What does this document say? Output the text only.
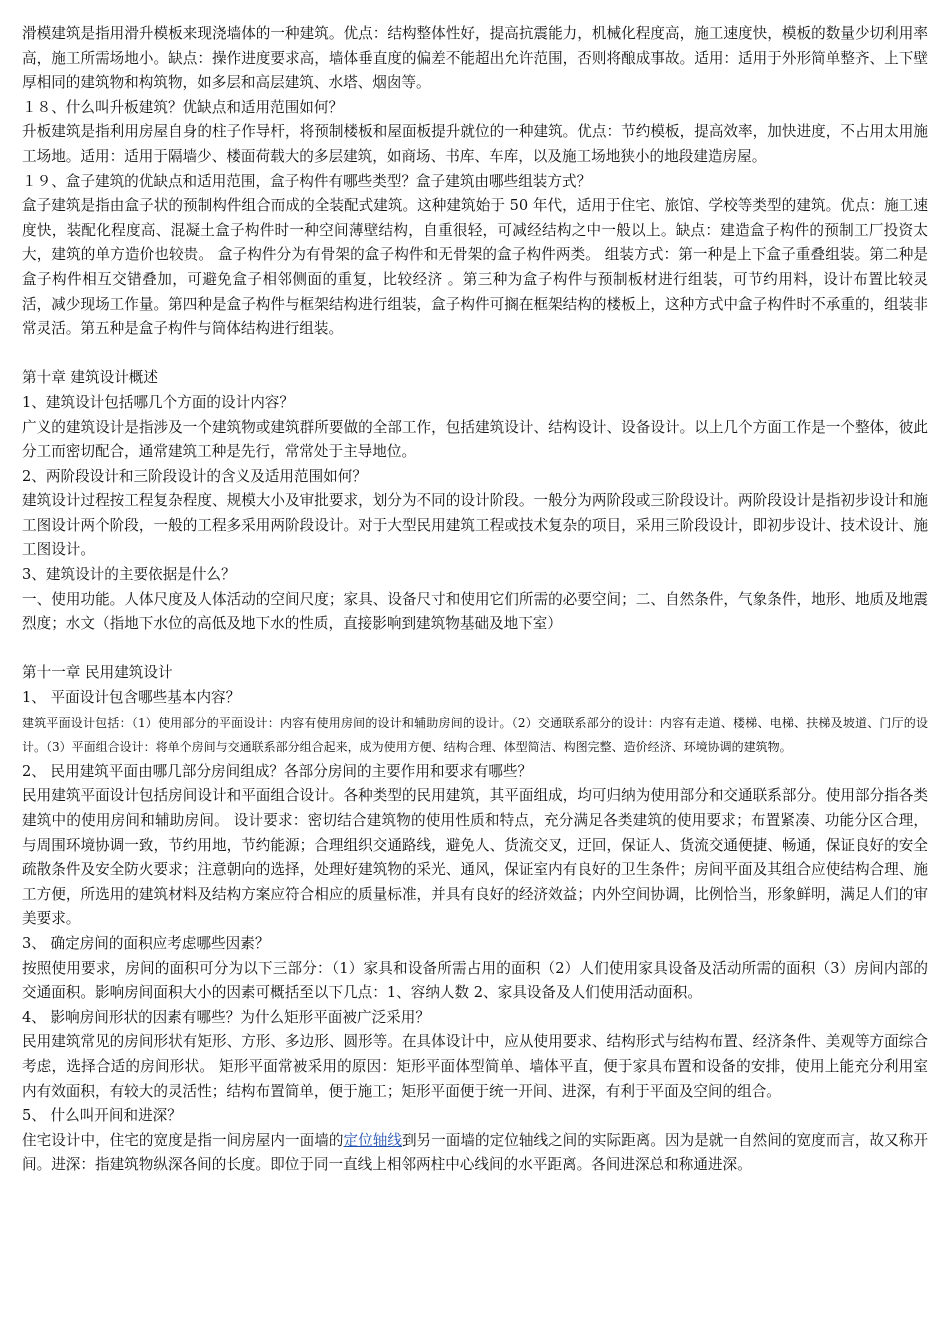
滑模建筑是指用滑升模板来现浇墙体的一种建筑。优点：结构整体性好，提高抗震能力，机械化程度高，施工速度快，模板的数量少切利用率高，施工所需场地小。缺点：操作进度要求高，墙体垂直度的偏差不能超出允许范围，否则将酿成事故。适用：适用于外形简单整齐、上下壁厚相同的建筑物和构筑物，如多层和高层建筑、水塔、烟囱等。

１８、什么叫升板建筑？优缺点和适用范围如何？

升板建筑是指利用房屋自身的柱子作导杆，将预制楼板和屋面板提升就位的一种建筑。优点：节约模板，提高效率，加快进度，不占用太用施工场地。适用：适用于隔墙少、楼面荷载大的多层建筑，如商场、书库、车库，以及施工场地狭小的地段建造房屋。

１９、盒子建筑的优缺点和适用范围，盒子构件有哪些类型？盒子建筑由哪些组装方式？

盒子建筑是指由盒子状的预制构件组合而成的全装配式建筑。这种建筑始于 50 年代，适用于住宅、旅馆、学校等类型的建筑。优点：施工速度快，装配化程度高、混凝土盒子构件时一种空间薄壁结构，自重很轻，可减经结构之中一般以上。缺点：建造盒子构件的预制工厂投资太大，建筑的单方造价也较贵。 盒子构件分为有骨架的盒子构件和无骨架的盒子构件两类。 组装方式：第一种是上下盒子重叠组装。第二种是盒子构件相互交错叠加，可避免盒子相邻侧面的重复，比较经济 。第三种为盒子构件与预制板材进行组装，可节约用料，设计布置比较灵活，减少现场工作量。第四种是盒子构件与框架结构进行组装，盒子构件可搁在框架结构的楼板上，这种方式中盒子构件时不承重的，组装非常灵活。第五种是盒子构件与筒体结构进行组装。

第十章 建筑设计概述

1、建筑设计包括哪几个方面的设计内容？

广义的建筑设计是指涉及一个建筑物或建筑群所要做的全部工作，包括建筑设计、结构设计、设备设计。以上几个方面工作是一个整体，彼此分工而密切配合，通常建筑工种是先行，常常处于主导地位。

2、两阶段设计和三阶段设计的含义及适用范围如何？

建筑设计过程按工程复杂程度、规模大小及审批要求，划分为不同的设计阶段。一般分为两阶段或三阶段设计。两阶段设计是指初步设计和施工图设计两个阶段，一般的工程多采用两阶段设计。对于大型民用建筑工程或技术复杂的项目，采用三阶段设计，即初步设计、技术设计、施工图设计。

3、建筑设计的主要依据是什么？

一、使用功能。人体尺度及人体活动的空间尺度；家具、设备尺寸和使用它们所需的必要空间；二、自然条件，气象条件，地形、地质及地震烈度；水文（指地下水位的高低及地下水的性质，直接影响到建筑物基础及地下室）

第十一章 民用建筑设计

1、 平面设计包含哪些基本内容？

建筑平面设计包括：（1）使用部分的平面设计：内容有使用房间的设计和辅助房间的设计。（2）交通联系部分的设计：内容有走道、楼梯、电梯、扶梯及坡道、门厅的设计。（3）平面组合设计：将单个房间与交通联系部分组合起来，成为使用方便、结构合理、体型简洁、构图完整、造价经济、环境协调的建筑物。

2、 民用建筑平面由哪几部分房间组成？各部分房间的主要作用和要求有哪些？

民用建筑平面设计包括房间设计和平面组合设计。各种类型的民用建筑，其平面组成，均可归纳为使用部分和交通联系部分。使用部分指各类建筑中的使用房间和辅助房间。 设计要求：密切结合建筑物的使用性质和特点，充分满足各类建筑的使用要求；布置紧凑、功能分区合理，与周围环境协调一致，节约用地，节约能源；合理组织交通路线，避免人、货流交叉，迂回，保证人、货流交通便捷、畅通，保证良好的安全疏散条件及安全防火要求；注意朝向的选择，处理好建筑物的采光、通风，保证室内有良好的卫生条件；房间平面及其组合应使结构合理、施工方便，所选用的建筑材料及结构方案应符合相应的质量标准，并具有良好的经济效益；内外空间协调，比例恰当，形象鲜明，满足人们的审美要求。

3、 确定房间的面积应考虑哪些因素？

按照使用要求，房间的面积可分为以下三部分：（1）家具和设备所需占用的面积（2）人们使用家具设备及活动所需的面积（3）房间内部的交通面积。影响房间面积大小的因素可概括至以下几点：1、容纳人数 2、家具设备及人们使用活动面积。

4、 影响房间形状的因素有哪些？为什么矩形平面被广泛采用？

民用建筑常见的房间形状有矩形、方形、多边形、圆形等。在具体设计中，应从使用要求、结构形式与结构布置、经济条件、美观等方面综合考虑，选择合适的房间形状。 矩形平面常被采用的原因：矩形平面体型简单、墙体平直，便于家具布置和设备的安排，使用上能充分利用室内有效面积，有较大的灵活性；结构布置简单，便于施工；矩形平面便于统一开间、进深，有利于平面及空间的组合。

5、 什么叫开间和进深？

住宅设计中，住宅的宽度是指一间房屋内一面墙的定位轴线到另一面墙的定位轴线之间的实际距离。因为是就一自然间的宽度而言，故又称开间。进深：指建筑物纵深各间的长度。即位于同一直线上相邻两柱中心线间的水平距离。各间进深总和称通进深。
